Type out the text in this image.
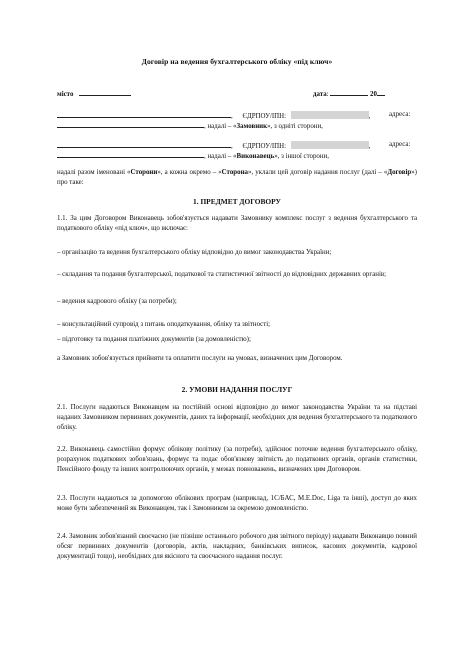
Договір на ведення бухгалтерського обліку «під ключ»
місто	дата:	20
, ЄДРПОУ/ІПН:	,	адреса:
, надалі – «Замовник», з одніті сторони,
, ЄДРПОУ/ІПН:	,	адреса:
, надалі – «Виконавець», з іншої сторони,
надалі разом іменовані «Сторони», а кожна окремо – «Сторона», уклали цей договір надання послуг (далі – «Договір») про таке:
1. ПРЕДМЕТ ДОГОВОРУ
1.1. За цим Договором Виконавець зобов'язується надавати Замовнику комплекс послуг з ведення бухгалтерського та податкового обліку «під ключ», що включає:
– організацію та ведення бухгалтерського обліку відповідно до вимог законодавства України;
– складання та подання бухгалтерської, податкової та статистичної звітності до відповідних державних органів;
– ведення кадрового обліку (за потреби);
– консультаційний супровід з питань оподаткування, обліку та звітності;
– підготовку та подання платіжних документів (за домовленістю);
а Замовник зобов'язується прийняти та оплатити послуги на умовах, визначених цим Договором.
2. УМОВИ НАДАННЯ ПОСЛУГ
2.1. Послуги надаються Виконавцем на постійній основі відповідно до вимог законодавства України та на підставі наданих Замовником первинних документів, даних та інформації, необхідних для ведення бухгалтерського та податкового обліку.
2.2. Виконавець самостійно формує облікову політику (за потреби), здійснює поточне ведення бухгалтерського обліку, розрахунок податкових зобов'язань, формує та подає обов'язкову звітність до податкових органів, органів статистики, Пенсійного фонду та інших контролюючих органів, у межах повноважень, визначених цим Договором.
2.3. Послуги надаються за допомогою облікових програм (наприклад, 1С/БАС, M.E.Doc, Liga та інші), доступ до яких може бути забезпечений як Виконавцем, так і Замовником за окремою домовленістю.
2.4. Замовник зобов'язаний своєчасно (не пізніше останнього робочого дня звітного періоду) надавати Виконавцю повний обсяг первинних документів (договорів, актів, накладних, банківських виписок, касових документів, кадрової документації тощо), необхідних для якісного та своєчасного надання послуг.
